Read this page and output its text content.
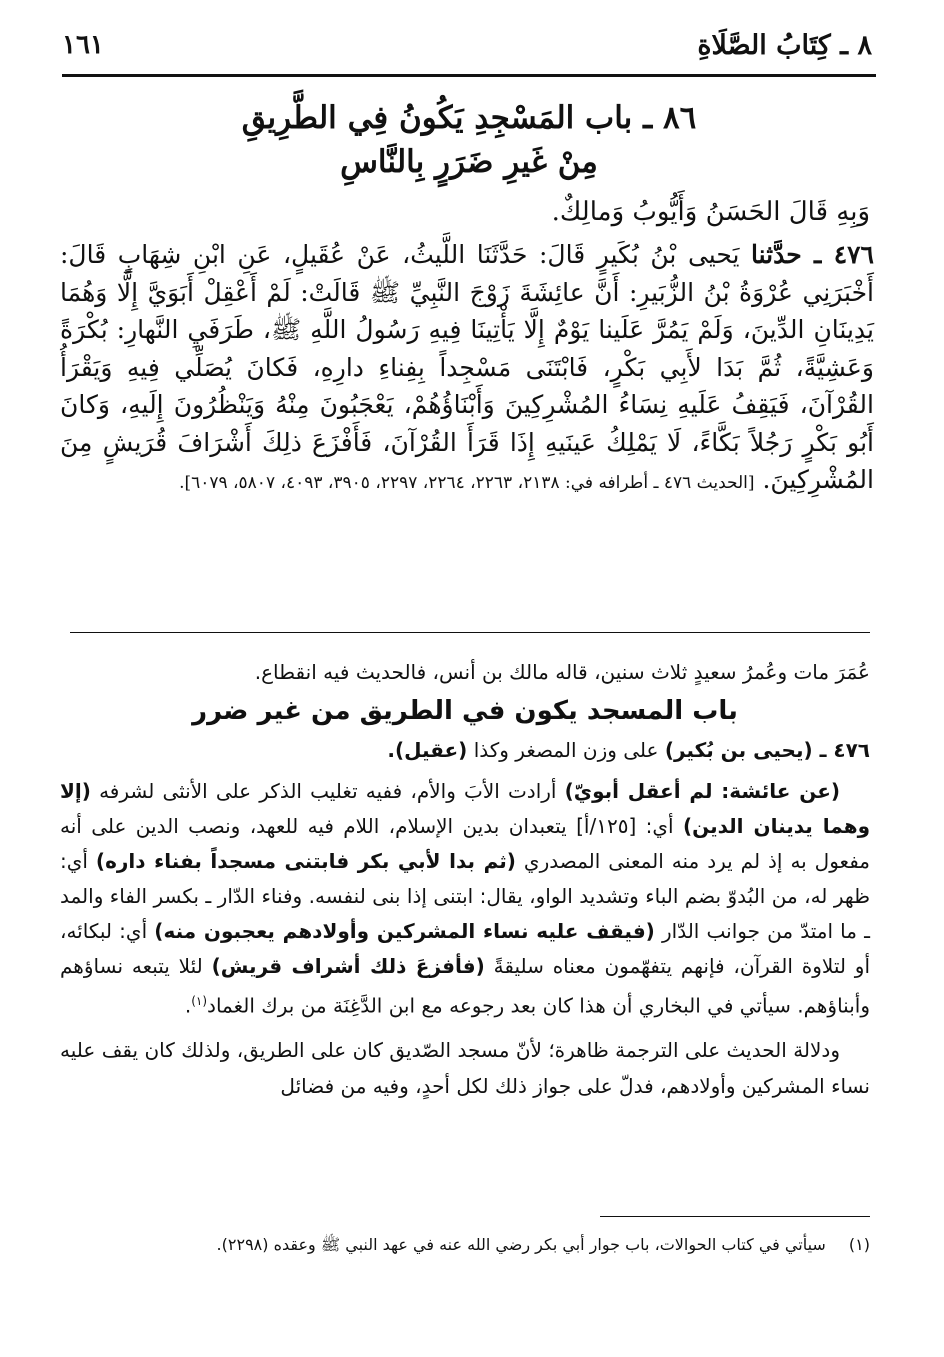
٨ ـ كِتَابُ الصَّلَاةِ
١٦١
٨٦ ـ باب المَسْجِدِ يَكُونُ فِي الطَّرِيقِ
مِنْ غَيرِ ضَرَرٍ بِالنَّاسِ
وَبِهِ قَالَ الحَسَنُ وَأَيُّوبُ وَمالِكٌ.
٤٧٦ ـ حدَّثنا يَحيى بْنُ بُكَيرٍ قَالَ: حَدَّثَنَا اللَّيثُ، عَنْ عُقَيلٍ، عَنِ ابْنِ شِهَابٍ قَالَ: أَخْبَرَنِي عُرْوَةُ بْنُ الزُّبَيرِ: أَنَّ عائِشَةَ زَوْجَ النَّبِيِّ ﷺ قَالَتْ: لَمْ أَعْقِلْ أَبَوَيَّ إِلَّا وَهُمَا يَدِينَانِ الدِّينَ، وَلَمْ يَمُرَّ عَلَينا يَوْمٌ إِلَّا يَأْتِينَا فِيهِ رَسُولُ اللَّهِ ﷺ، طَرَفَيِ النَّهارِ: بُكْرَةً وَعَشِيَّةً، ثُمَّ بَدَا لأَبِي بَكْرٍ، فَابْتَنَى مَسْجِداً بِفِناءِ دارِهِ، فَكانَ يُصَلِّي فِيهِ وَيَقْرَأُ القُرْآنَ، فَيَقِفُ عَلَيهِ نِسَاءُ المُشْرِكِينَ وَأَبْنَاؤُهُمْ، يَعْجَبُونَ مِنْهُ وَيَنْظُرُونَ إِلَيهِ، وَكانَ أَبُو بَكْرٍ رَجُلاً بَكَّاءً، لَا يَمْلِكُ عَينَيهِ إِذَا قَرَأَ القُرْآنَ، فَأَفْزَعَ ذلِكَ أَشْرَافَ قُرَيشٍ مِنَ المُشْرِكِينَ. [الحديث ٤٧٦ ـ أطرافه في: ٢١٣٨، ٢٢٦٣، ٢٢٦٤، ٢٢٩٧، ٣٩٠٥، ٤٠٩٣، ٥٨٠٧، ٦٠٧٩].

عُمَرَ مات وعُمرُ سعيدٍ ثلاث سنين، قاله مالك بن أنس، فالحديث فيه انقطاع.

باب المسجد يكون في الطريق من غير ضرر

٤٧٦ ـ (يحيى بن بُكير) على وزن المصغر وكذا (عقيل).

(عن عائشة: لم أعقل أبويّ) أرادت الأبَ والأم، ففيه تغليب الذكر على الأنثى لشرفه (إلا وهما يدينان الدين) أي: [١٢٥/أ] يتعبدان بدين الإسلام، اللام فيه للعهد، ونصب الدين على أنه مفعول به إذ لم يرد منه المعنى المصدري (ثم بدا لأبي بكر فابتنى مسجداً بفناء داره) أي: ظهر له، من البُدوّ بضم الباء وتشديد الواو، يقال: ابتنى إذا بنى لنفسه. وفناء الدّار ـ بكسر الفاء والمد ـ ما امتدّ من جوانب الدّار (فيقف عليه نساء المشركين وأولادهم يعجبون منه) أي: لبكائه، أو لتلاوة القرآن، فإنهم يتفهّمون معناه سليقةً (فأفزعَ ذلك أشراف قريش) لئلا يتبعه نساؤهم وأبناؤهم. سيأتي في البخاري أن هذا كان بعد رجوعه مع ابن الدَّغِنَة من برك الغماد$^{(١)}$.

ودلالة الحديث على الترجمة ظاهرة؛ لأنّ مسجد الصّديق كان على الطريق، ولذلك كان يقف عليه نساء المشركين وأولادهم، فدلّ على جواز ذلك لكل أحدٍ، وفيه من فضائل

(١) سيأتي في كتاب الحوالات، باب جوار أبي بكر رضي الله عنه في عهد النبي ﷺ وعقده (٢٢٩٨).
